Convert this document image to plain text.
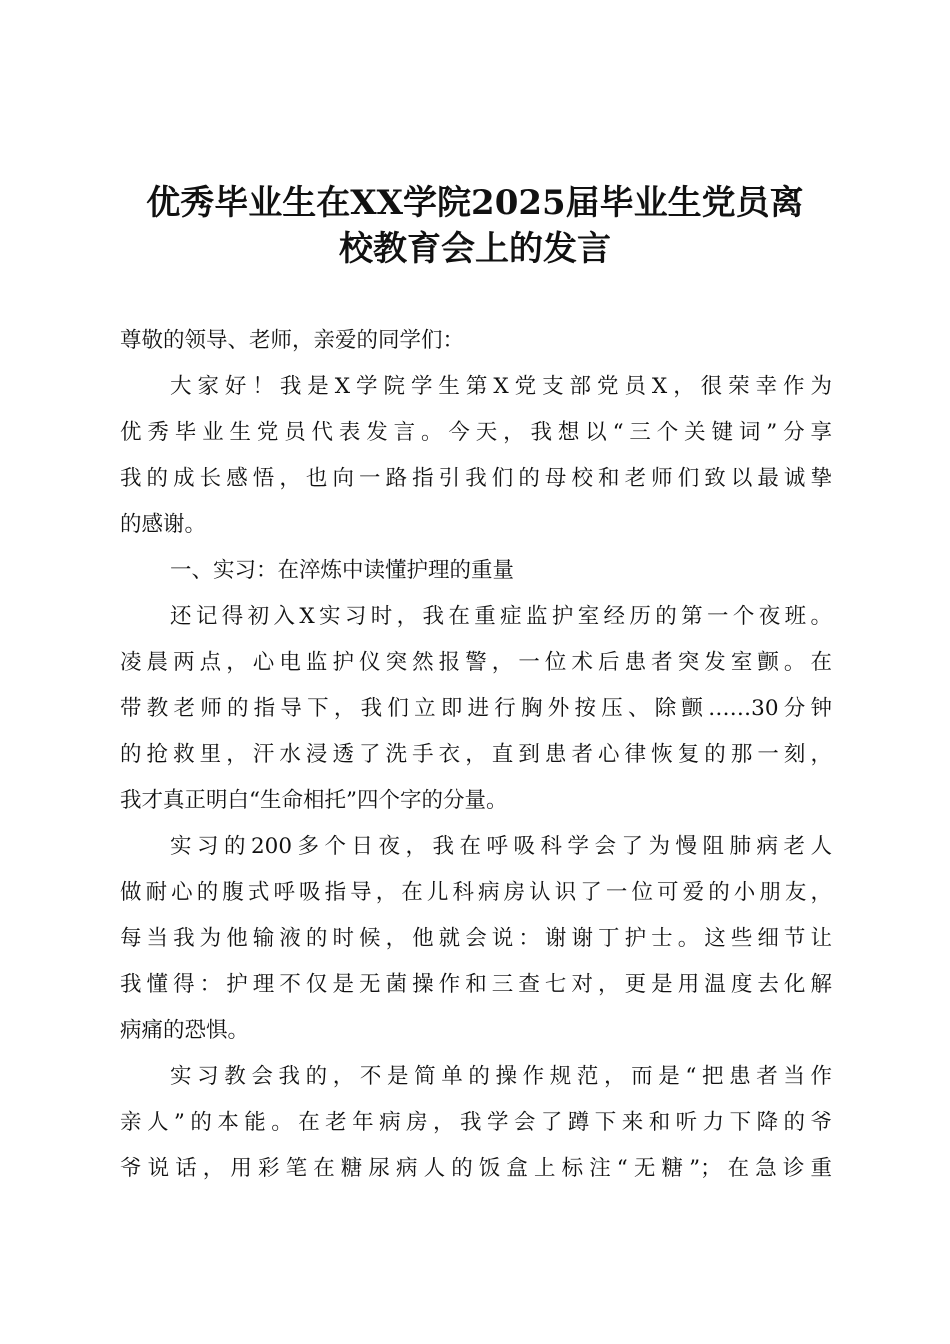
优秀毕业生在XX学院2025届毕业生党员离
校教育会上的发言

尊敬的领导、老师，亲爱的同学们：

大家好！我是X学院学生第X党支部党员X，很荣幸作为
优秀毕业生党员代表发言。今天，我想以“三个关键词”分享
我的成长感悟，也向一路指引我们的母校和老师们致以最诚挚
的感谢。

一、实习：在淬炼中读懂护理的重量

还记得初入X实习时，我在重症监护室经历的第一个夜班。
凌晨两点，心电监护仪突然报警，一位术后患者突发室颤。在
带教老师的指导下，我们立即进行胸外按压、除颤……30分钟
的抢救里，汗水浸透了洗手衣，直到患者心律恢复的那一刻，
我才真正明白“生命相托”四个字的分量。

实习的200多个日夜，我在呼吸科学会了为慢阻肺病老人
做耐心的腹式呼吸指导，在儿科病房认识了一位可爱的小朋友，
每当我为他输液的时候，他就会说：谢谢丁护士。这些细节让
我懂得：护理不仅是无菌操作和三查七对，更是用温度去化解
病痛的恐惧。

实习教会我的，不是简单的操作规范，而是“把患者当作
亲人”的本能。在老年病房，我学会了蹲下来和听力下降的爷
爷说话，用彩笔在糖尿病人的饭盒上标注“无糖”；在急诊重
